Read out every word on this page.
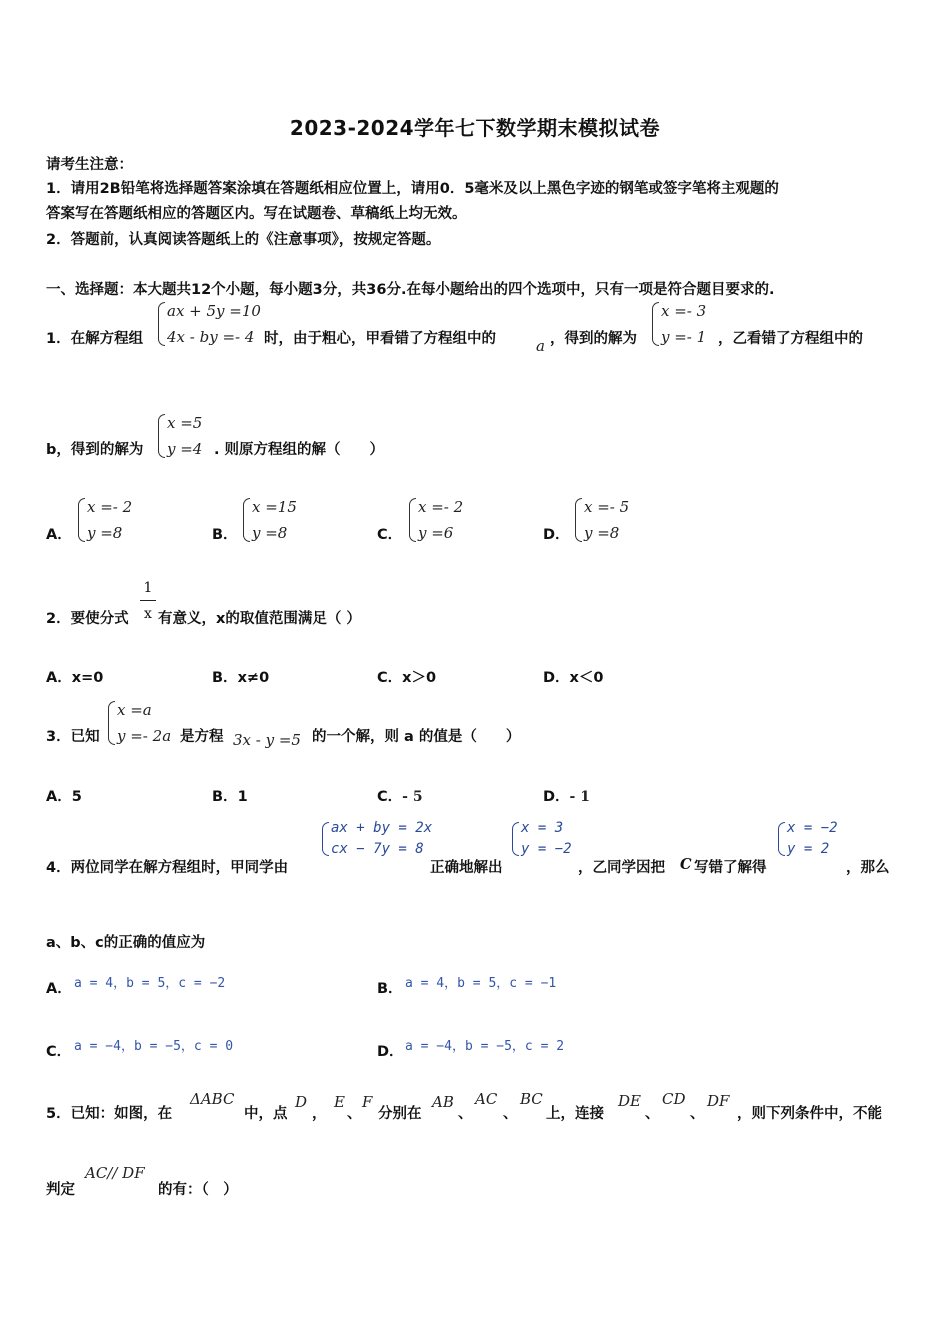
2023-2024学年七下数学期末模拟试卷
请考生注意：
1．请用2B铅笔将选择题答案涂填在答题纸相应位置上，请用0．5毫米及以上黑色字迹的钢笔或签字笔将主观题的
答案写在答题纸相应的答题区内。写在试题卷、草稿纸上均无效。
2．答题前，认真阅读答题纸上的《注意事项》，按规定答题。
一、选择题：本大题共12个小题，每小题3分，共36分.在每小题给出的四个选项中，只有一项是符合题目要求的.
1．在解方程组
ax + 5y =10
4x - by =- 4 时，由于粗心，甲看错了方程组中的	a ，得到的解为
x =- 3
y =- 1 ，乙看错了方程组中的
b，得到的解为
x =5
y =4 . 则原方程组的解（　　）
A．
x =- 2
y =8	B．
x =15
y =8	C．
x =- 2
y =6	D．
x =- 5
y =8
2．要使分式
1
x 有意义，x的取值范围满足（ ）
A．x=0	B．x≠0	C．x＞0	D．x＜0
3．已知
x =a
y =- 2a 是方程 3x - y =5 的一个解，则 a 的值是（　　）
A．5	B．1	C．- 5	D．- 1
ax + by = 2x
cx − 7y = 8
x = 3
y = −2
x = −2
y = 2
4．两位同学在解方程组时，甲同学由	正确地解出	，乙同学因把 C 写错了解得	，那么
a、b、c的正确的值应为
A． a = 4，b = 5，c = −2	B． a = 4，b = 5，c = −1
C． a = −4，b = −5，c = 0	D． a = −4，b = −5，c = 2
5．已知：如图，在
ΔABC
中，点
D
，
E
、
F
分别在
AB
、
AC
、
BC
上，连接
DE
、
CD
、
DF
，则下列条件中，不能
判定
AC// DF
的有：（　）
